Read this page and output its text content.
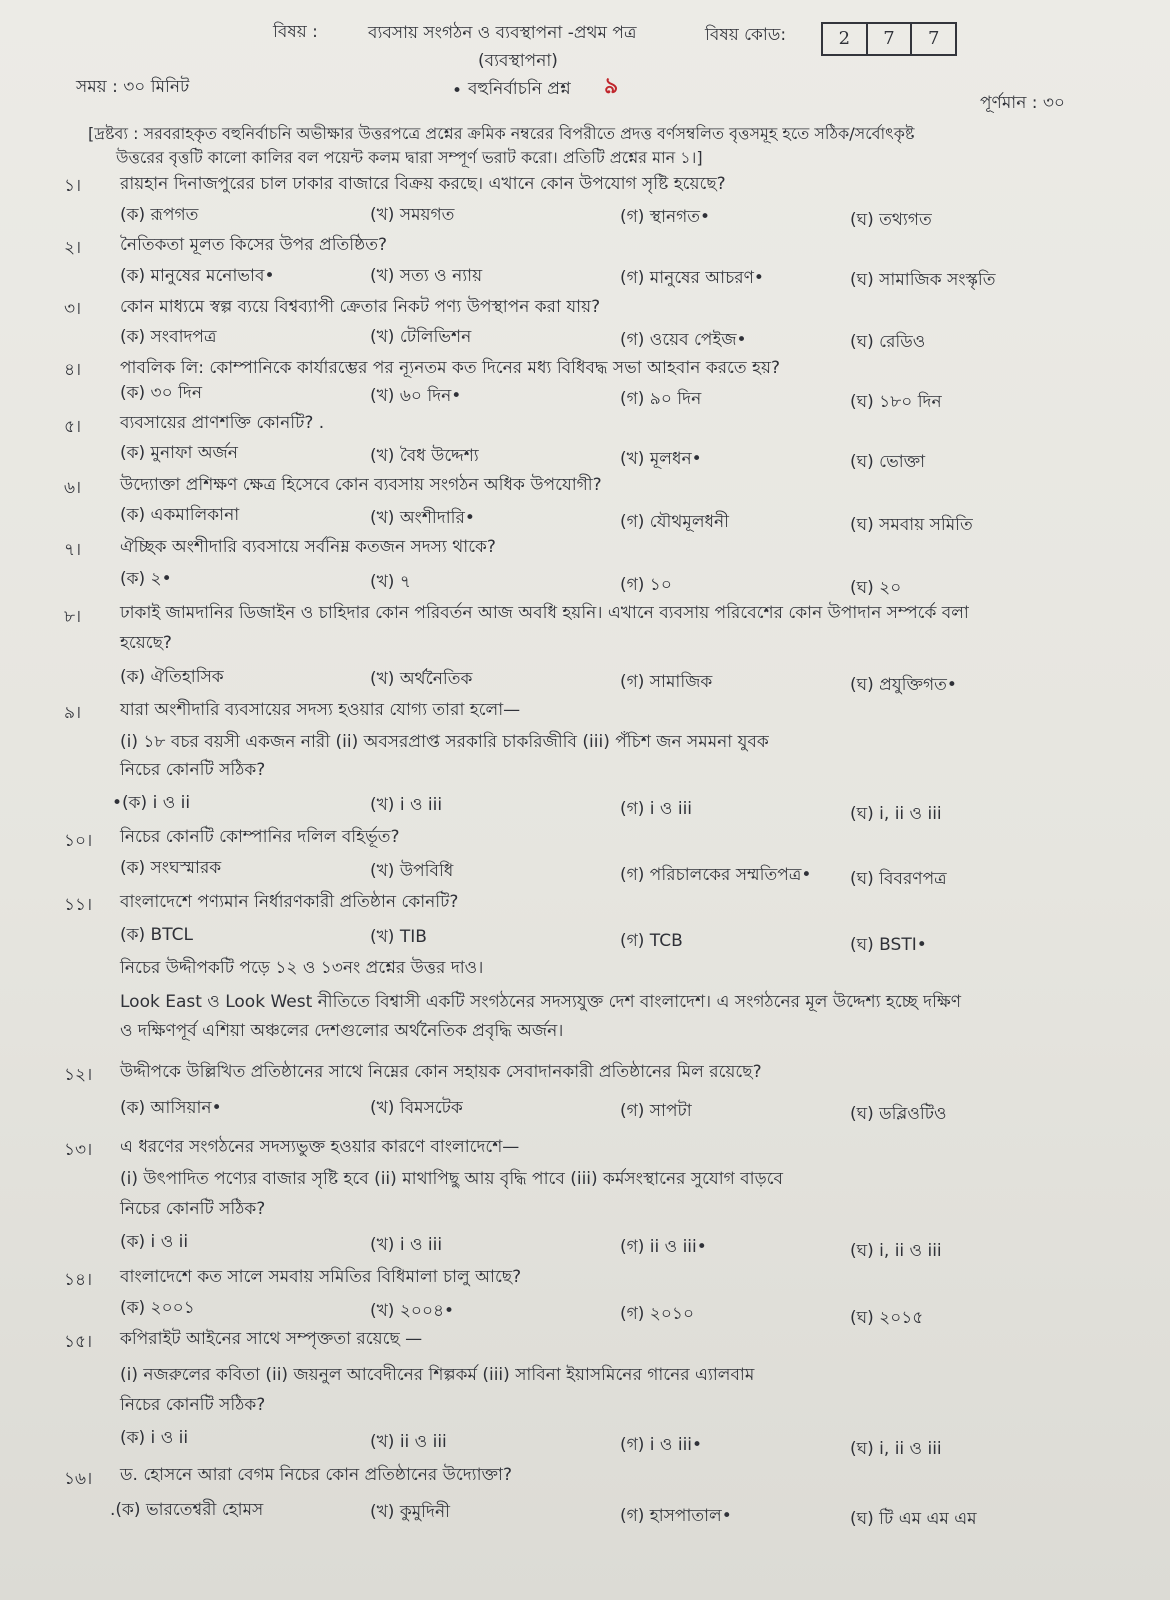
বিষয় :	ব্যবসায় সংগঠন ও ব্যবস্থাপনা -প্রথম পত্র	বিষয় কোড:	2	7	7
(ব্যবস্থাপনা)
সময় : ৩০ মিনিট	• বহুনির্বাচনি প্রশ্ন ৯
পূর্ণমান : ৩০
[দ্রষ্টব্য : সরবরাহকৃত বহুনির্বাচনি অভীক্ষার উত্তরপত্রে প্রশ্নের ক্রমিক নম্বরের বিপরীতে প্রদত্ত বর্ণসম্বলিত বৃত্তসমূহ হতে সঠিক/সর্বোৎকৃষ্ট
উত্তরের বৃত্তটি কালো কালির বল পয়েন্ট কলম দ্বারা সম্পূর্ণ ভরাট করো। প্রতিটি প্রশ্নের মান ১।]
১।	রায়হান দিনাজপুরের চাল ঢাকার বাজারে বিক্রয় করছে। এখানে কোন উপযোগ সৃষ্টি হয়েছে?
(ক) রূপগত	(খ) সময়গত	(গ) স্থানগত•	(ঘ) তথ্যগত
২।	নৈতিকতা মূলত কিসের উপর প্রতিষ্ঠিত?
(ক) মানুষের মনোভাব•	(খ) সত্য ও ন্যায়	(গ) মানুষের আচরণ•	(ঘ) সামাজিক সংস্কৃতি
৩।	কোন মাধ্যমে স্বল্প ব্যয়ে বিশ্বব্যাপী ক্রেতার নিকট পণ্য উপস্থাপন করা যায়?
(ক) সংবাদপত্র	(খ) টেলিভিশন	(গ) ওয়েব পেইজ•	(ঘ) রেডিও
৪।	পাবলিক লি: কোম্পানিকে কার্যারম্ভের পর ন্যূনতম কত দিনের মধ্য বিধিবদ্ধ সভা আহবান করতে হয়?
(ক) ৩০ দিন	(খ) ৬০ দিন•	(গ) ৯০ দিন	(ঘ) ১৮০ দিন
৫।	ব্যবসায়ের প্রাণশক্তি কোনটি? .
(ক) মুনাফা অর্জন	(খ) বৈধ উদ্দেশ্য	(খ) মূলধন•	(ঘ) ভোক্তা
৬।	উদ্যোক্তা প্রশিক্ষণ ক্ষেত্র হিসেবে কোন ব্যবসায় সংগঠন অধিক উপযোগী?
(ক) একমালিকানা	(খ) অংশীদারি•	(গ) যৌথমূলধনী	(ঘ) সমবায় সমিতি
৭।	ঐচ্ছিক অংশীদারি ব্যবসায়ে সর্বনিম্ন কতজন সদস্য থাকে?
(ক) ২•	(খ) ৭	(গ) ১০	(ঘ) ২০
৮।	ঢাকাই জামদানির ডিজাইন ও চাহিদার কোন পরিবর্তন আজ অবধি হয়নি। এখানে ব্যবসায় পরিবেশের কোন উপাদান সম্পর্কে বলা
হয়েছে?
(ক) ঐতিহাসিক	(খ) অর্থনৈতিক	(গ) সামাজিক	(ঘ) প্রযুক্তিগত•
৯।	যারা অংশীদারি ব্যবসায়ের সদস্য হওয়ার যোগ্য তারা হলো—
(i) ১৮ বচর বয়সী একজন নারী (ii) অবসরপ্রাপ্ত সরকারি চাকরিজীবি (iii) পঁচিশ জন সমমনা যুবক
নিচের কোনটি সঠিক?
•(ক) i ও ii	(খ) i ও iii	(গ) i ও iii	(ঘ) i, ii ও iii
১০।	নিচের কোনটি কোম্পানির দলিল বহির্ভূত?
(ক) সংঘস্মারক	(খ) উপবিধি	(গ) পরিচালকের সম্মতিপত্র• (ঘ) বিবরণপত্র
১১।	বাংলাদেশে পণ্যমান নির্ধারণকারী প্রতিষ্ঠান কোনটি?
(ক) BTCL	(খ) TIB	(গ) TCB	(ঘ) BSTI•
নিচের উদ্দীপকটি পড়ে ১২ ও ১৩নং প্রশ্নের উত্তর দাও।
Look East ও Look West নীতিতে বিশ্বাসী একটি সংগঠনের সদস্যযুক্ত দেশ বাংলাদেশ। এ সংগঠনের মূল উদ্দেশ্য হচ্ছে দক্ষিণ
ও দক্ষিণপূর্ব এশিয়া অঞ্চলের দেশগুলোর অর্থনৈতিক প্রবৃদ্ধি অর্জন।
১২।	উদ্দীপকে উল্লিখিত প্রতিষ্ঠানের সাথে নিম্নের কোন সহায়ক সেবাদানকারী প্রতিষ্ঠানের মিল রয়েছে?
(ক) আসিয়ান•	(খ) বিমসটেক	(গ) সাপটা	(ঘ) ডব্লিওটিও
১৩।	এ ধরণের সংগঠনের সদস্যভুক্ত হওয়ার কারণে বাংলাদেশে—
(i) উৎপাদিত পণ্যের বাজার সৃষ্টি হবে (ii) মাথাপিছু আয় বৃদ্ধি পাবে (iii) কর্মসংস্থানের সুযোগ বাড়বে
নিচের কোনটি সঠিক?
(ক) i ও ii	(খ) i ও iii	(গ) ii ও iii•	(ঘ) i, ii ও iii
১৪।	বাংলাদেশে কত সালে সমবায় সমিতির বিধিমালা চালু আছে?
(ক) ২০০১	(খ) ২০০৪•	(গ) ২০১০	(ঘ) ২০১৫
১৫।	কপিরাইট আইনের সাথে সম্পৃক্ততা রয়েছে —
(i) নজরুলের কবিতা (ii) জয়নুল আবেদীনের শিল্পকর্ম (iii) সাবিনা ইয়াসমিনের গানের এ্যালবাম
নিচের কোনটি সঠিক?
(ক) i ও ii	(খ) ii ও iii	(গ) i ও iii•	(ঘ) i, ii ও iii
১৬।	ড. হোসনে আরা বেগম নিচের কোন প্রতিষ্ঠানের উদ্যোক্তা?
.(ক) ভারতেশ্বরী হোমস	(খ) কুমুদিনী	(গ) হাসপাতাল•	(ঘ) টি এম এম এম
